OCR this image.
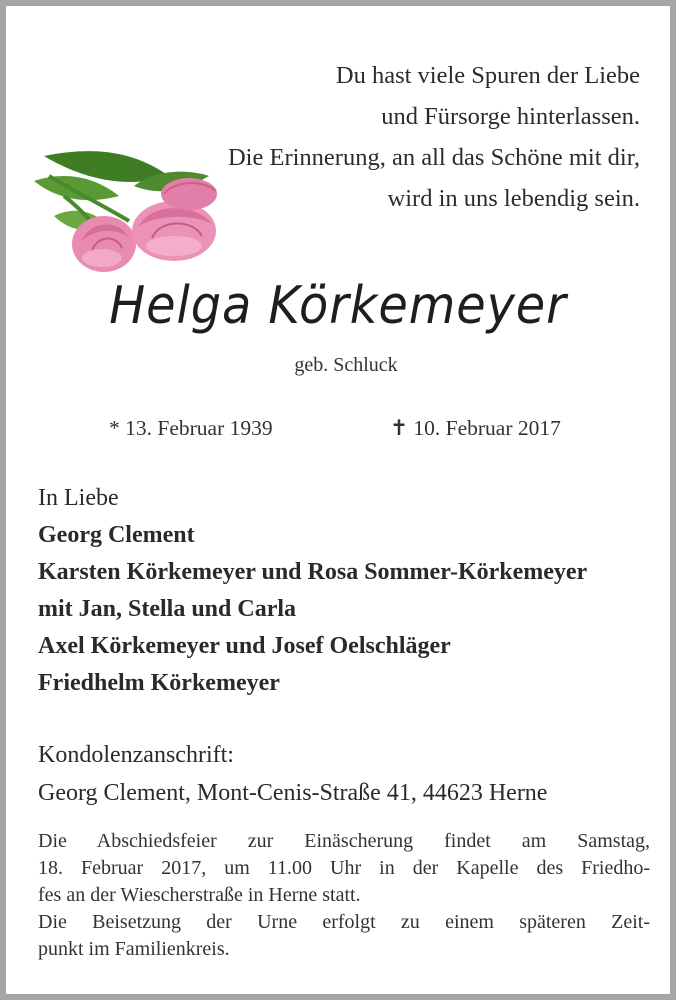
Du hast viele Spuren der Liebe
und Fürsorge hinterlassen.
Die Erinnerung, an all das Schöne mit dir,
wird in uns lebendig sein.
Helga Körkemeyer
geb. Schluck
* 13. Februar 1939	✝ 10. Februar 2017
In Liebe
Georg Clement
Karsten Körkemeyer und Rosa Sommer-Körkemeyer
mit Jan, Stella und Carla
Axel Körkemeyer und Josef Oelschläger
Friedhelm Körkemeyer
Kondolenzanschrift:
Georg Clement, Mont-Cenis-Straße 41, 44623 Herne
Die Abschiedsfeier zur Einäscherung findet am Samstag,
18. Februar 2017, um 11.00 Uhr in der Kapelle des Friedho-
fes an der Wiescherstraße in Herne statt.
Die Beisetzung der Urne erfolgt zu einem späteren Zeit-
punkt im Familienkreis.
